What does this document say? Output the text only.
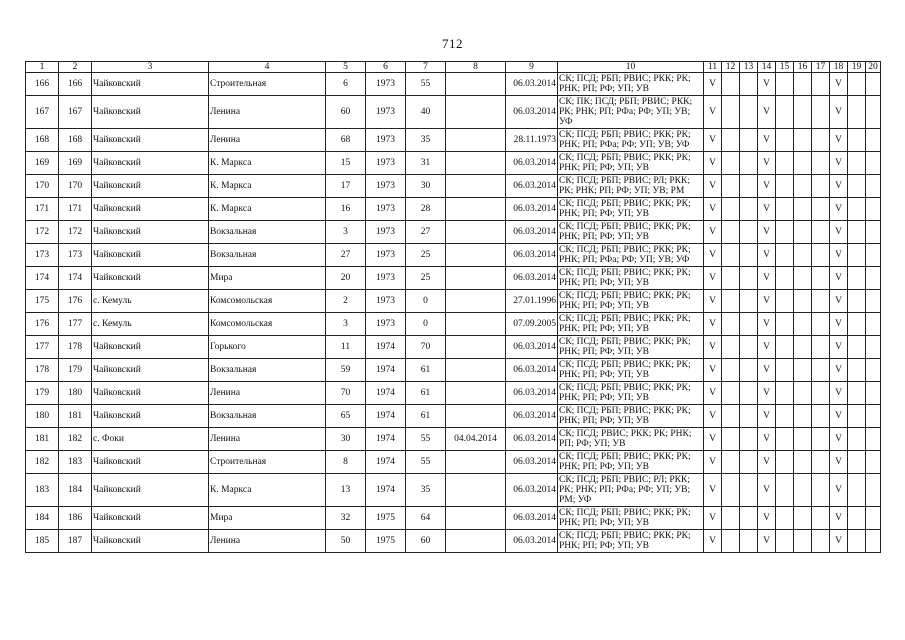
712
1	2	3	4	5	6	7	8	9	10	11	12	13	14	15	16	17	18	19	20
166	166	Чайковский	Строительная	6	1973	55		06.03.2014	СК; ПСД; РБП; РВИС; РКК; РК; РНК; РП; РФ; УП; УВ	V			V				V		
167	167	Чайковский	Ленина	60	1973	40		06.03.2014	СК; ПК; ПСД; РБП; РВИС; РКК; РК; РНК; РП; РФа; РФ; УП; УВ; УФ	V			V				V		
168	168	Чайковский	Ленина	68	1973	35		28.11.1973	СК; ПСД; РБП; РВИС; РКК; РК; РНК; РП; РФа; РФ; УП; УВ; УФ	V			V				V		
169	169	Чайковский	К. Маркса	15	1973	31		06.03.2014	СК; ПСД; РБП; РВИС; РКК; РК; РНК; РП; РФ; УП; УВ	V			V				V		
170	170	Чайковский	К. Маркса	17	1973	30		06.03.2014	СК; ПСД; РБП; РВИС; РЛ; РКК; РК; РНК; РП; РФ; УП; УВ; РМ	V			V				V		
171	171	Чайковский	К. Маркса	16	1973	28		06.03.2014	СК; ПСД; РБП; РВИС; РКК; РК; РНК; РП; РФ; УП; УВ	V			V				V		
172	172	Чайковский	Вокзальная	3	1973	27		06.03.2014	СК; ПСД; РБП; РВИС; РКК; РК; РНК; РП; РФ; УП; УВ	V			V				V		
173	173	Чайковский	Вокзальная	27	1973	25		06.03.2014	СК; ПСД; РБП; РВИС; РКК; РК; РНК; РП; РФа; РФ; УП; УВ; УФ	V			V				V		
174	174	Чайковский	Мира	20	1973	25		06.03.2014	СК; ПСД; РБП; РВИС; РКК; РК; РНК; РП; РФ; УП; УВ	V			V				V		
175	176	с. Кемуль	Комсомольская	2	1973	0		27.01.1996	СК; ПСД; РБП; РВИС; РКК; РК; РНК; РП; РФ; УП; УВ	V			V				V		
176	177	с. Кемуль	Комсомольская	3	1973	0		07.09.2005	СК; ПСД; РБП; РВИС; РКК; РК; РНК; РП; РФ; УП; УВ	V			V				V		
177	178	Чайковский	Горького	11	1974	70		06.03.2014	СК; ПСД; РБП; РВИС; РКК; РК; РНК; РП; РФ; УП; УВ	V			V				V		
178	179	Чайковский	Вокзальная	59	1974	61		06.03.2014	СК; ПСД; РБП; РВИС; РКК; РК; РНК; РП; РФ; УП; УВ	V			V				V		
179	180	Чайковский	Ленина	70	1974	61		06.03.2014	СК; ПСД; РБП; РВИС; РКК; РК; РНК; РП; РФ; УП; УВ	V			V				V		
180	181	Чайковский	Вокзальная	65	1974	61		06.03.2014	СК; ПСД; РБП; РВИС; РКК; РК; РНК; РП; РФ; УП; УВ	V			V				V		
181	182	с. Фоки	Ленина	30	1974	55	04.04.2014	06.03.2014	СК; ПСД; РВИС; РКК; РК; РНК; РП; РФ; УП; УВ	V			V				V		
182	183	Чайковский	Строительная	8	1974	55		06.03.2014	СК; ПСД; РБП; РВИС; РКК; РК; РНК; РП; РФ; УП; УВ	V			V				V		
183	184	Чайковский	К. Маркса	13	1974	35		06.03.2014	СК; ПСД; РБП; РВИС; РЛ; РКК; РК; РНК; РП; РФа; РФ; УП; УВ; РМ; УФ	V			V				V		
184	186	Чайковский	Мира	32	1975	64		06.03.2014	СК; ПСД; РБП; РВИС; РКК; РК; РНК; РП; РФ; УП; УВ	V			V				V		
185	187	Чайковский	Ленина	50	1975	60		06.03.2014	СК; ПСД; РБП; РВИС; РКК; РК; РНК; РП; РФ; УП; УВ	V			V				V		
